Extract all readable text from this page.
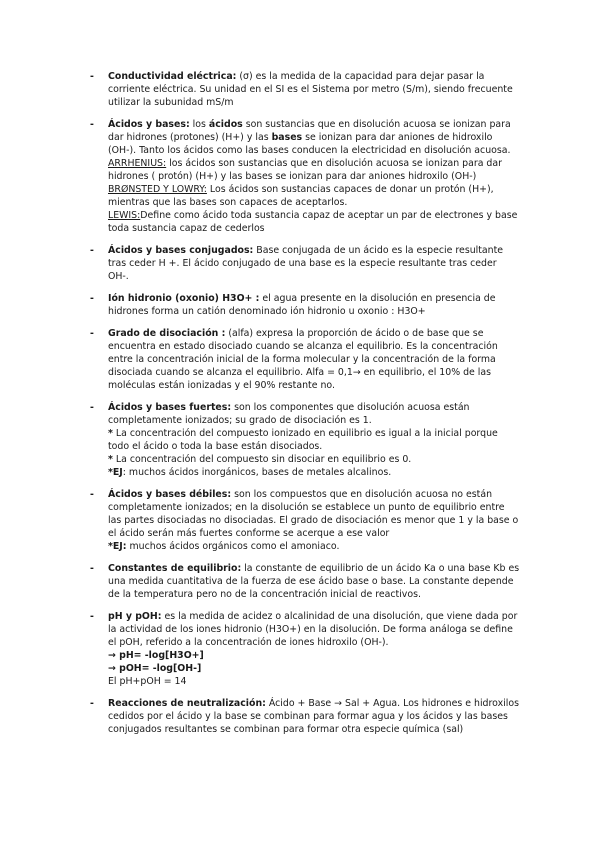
- Conductividad eléctrica: (σ) es la medida de la capacidad para dejar pasar la corriente eléctrica. Su unidad en el SI es el Sistema por metro (S/m), siendo frecuente utilizar la subunidad mS/m
- Ácidos y bases: los ácidos son sustancias que en disolución acuosa se ionizan para dar hidrones (protones) (H+) y las bases se ionizan para dar aniones de hidroxilo (OH-). Tanto los ácidos como las bases conducen la electricidad en disolución acuosa.
ARRHENIUS: los ácidos son sustancias que en disolución acuosa se ionizan para dar hidrones ( protón) (H+) y las bases se ionizan para dar aniones hidroxilo (OH-)
BRØNSTED Y LOWRY: Los ácidos son sustancias capaces de donar un protón (H+), mientras que las bases son capaces de aceptarlos.
LEWIS:Define como ácido toda sustancia capaz de aceptar un par de electrones y base toda sustancia capaz de cederlos
- Ácidos y bases conjugados: Base conjugada de un ácido es la especie resultante tras ceder H +. El ácido conjugado de una base es la especie resultante tras ceder OH-.
- Ión hidronio (oxonio) H3O+ : el agua presente en la disolución en presencia de hidrones forma un catión denominado ión hidronio u oxonio : H3O+
- Grado de disociación : (alfa) expresa la proporción de ácido o de base que se encuentra en estado disociado cuando se alcanza el equilibrio. Es la concentración entre la concentración inicial de la forma molecular y la concentración de la forma disociada cuando se alcanza el equilibrio. Alfa = 0,1→ en equilibrio, el 10% de las moléculas están ionizadas y el 90% restante no.
- Ácidos y bases fuertes: son los componentes que disolución acuosa están completamente ionizados; su grado de disociación es 1.
* La concentración del compuesto ionizado en equilibrio es igual a la inicial porque todo el ácido o toda la base están disociados.
* La concentración del compuesto sin disociar en equilibrio es 0.
*EJ: muchos ácidos inorgánicos, bases de metales alcalinos.
- Ácidos y bases débiles: son los compuestos que en disolución acuosa no están completamente ionizados; en la disolución se establece un punto de equilibrio entre las partes disociadas no disociadas. El grado de disociación es menor que 1 y la base o el ácido serán más fuertes conforme se acerque a ese valor
*EJ: muchos ácidos orgánicos como el amoniaco.
- Constantes de equilibrio: la constante de equilibrio de un ácido Ka o una base Kb es una medida cuantitativa de la fuerza de ese ácido base o base. La constante depende de la temperatura pero no de la concentración inicial de reactivos.
- pH y pOH: es la medida de acidez o alcalinidad de una disolución, que viene dada por la actividad de los iones hidronio (H3O+) en la disolución. De forma análoga se define el pOH, referido a la concentración de iones hidroxilo (OH-).
→ pH= -log[H3O+]
→ pOH= -log[OH-]
El pH+pOH = 14
- Reacciones de neutralización: Ácido + Base → Sal + Agua. Los hidrones e hidroxilos cedidos por el ácido y la base se combinan para formar agua y los ácidos y las bases conjugados resultantes se combinan para formar otra especie química (sal)
